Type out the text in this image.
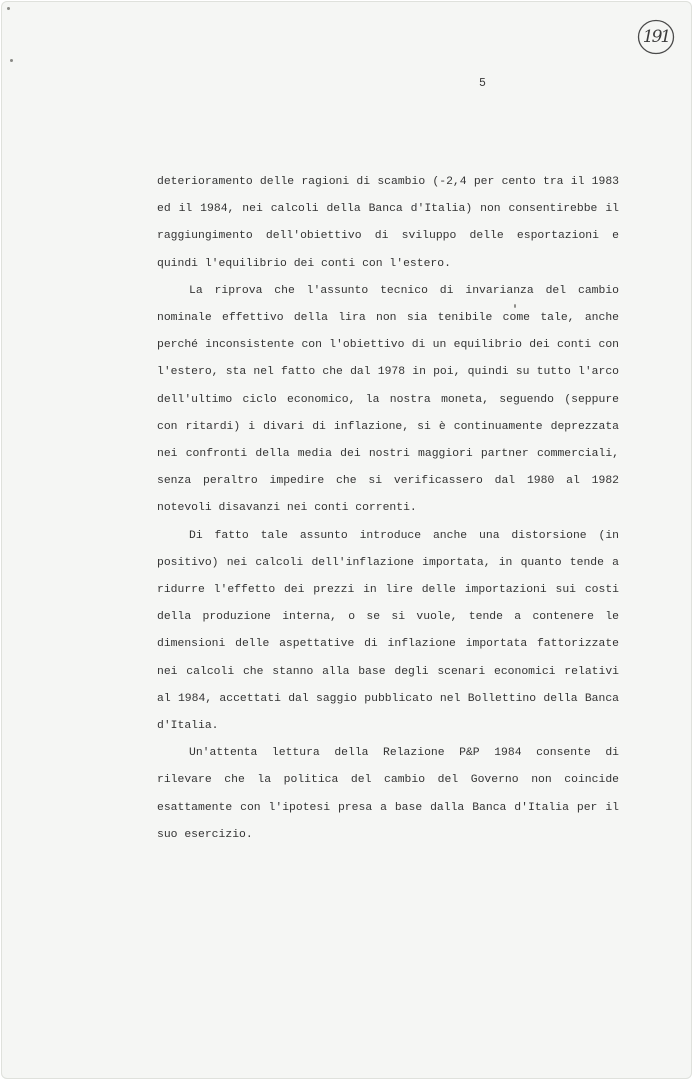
191
5

deterioramento delle ragioni di scambio (-2,4 per cento tra il 1983 ed il 1984, nei calcoli della Banca d'Italia) non consentirebbe il raggiungimento dell'obiettivo di sviluppo delle esportazioni e quindi l'equilibrio dei conti con l'estero.

La riprova che l'assunto tecnico di invarianza del cambio nominale effettivo della lira non sia tenibile come tale, anche perché inconsistente con l'obiettivo di un equilibrio dei conti con l'estero, sta nel fatto che dal 1978 in poi, quindi su tutto l'arco dell'ultimo ciclo economico, la nostra moneta, seguendo (seppure con ritardi) i divari di inflazione, si è continuamente deprezzata nei confronti della media dei nostri maggiori partner commerciali, senza peraltro impedire che si verificassero dal 1980 al 1982 notevoli disavanzi nei conti correnti.

Di fatto tale assunto introduce anche una distorsione (in positivo) nei calcoli dell'inflazione importata, in quanto tende a ridurre l'effetto dei prezzi in lire delle importazioni sui costi della produzione interna, o se si vuole, tende a contenere le dimensioni delle aspettative di inflazione importata fattorizzate nei calcoli che stanno alla base degli scenari economici relativi al 1984, accettati dal saggio pubblicato nel Bollettino della Banca d'Italia.

Un'attenta lettura della Relazione P&P 1984 consente di rilevare che la politica del cambio del Governo non coincide esattamente con l'ipotesi presa a base dalla Banca d'Italia per il suo esercizio.
